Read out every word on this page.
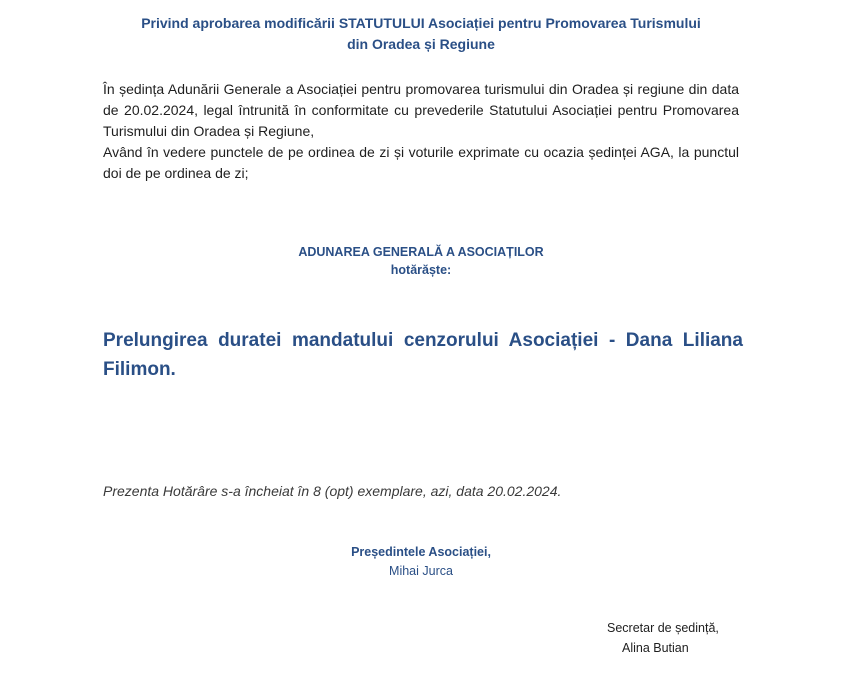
Privind aprobarea modificării STATUTULUI Asociației pentru Promovarea Turismului
din Oradea și Regiune
În ședința Adunării Generale a Asociației pentru promovarea turismului din Oradea și regiune din data de 20.02.2024, legal întrunită în conformitate cu prevederile Statutului Asociației pentru Promovarea Turismului din Oradea și Regiune,
Având în vedere punctele de pe ordinea de zi și voturile exprimate cu ocazia ședinței AGA, la punctul doi de pe ordinea de zi;
ADUNAREA GENERALĂ A ASOCIAȚILOR
hotărăște:
Prelungirea duratei mandatului cenzorului Asociației - Dana Liliana Filimon.
Prezenta Hotărâre s-a încheiat în 8 (opt) exemplare, azi, data 20.02.2024.
Președintele Asociației,
Mihai Jurca
Secretar de ședință,
Alina Butian
